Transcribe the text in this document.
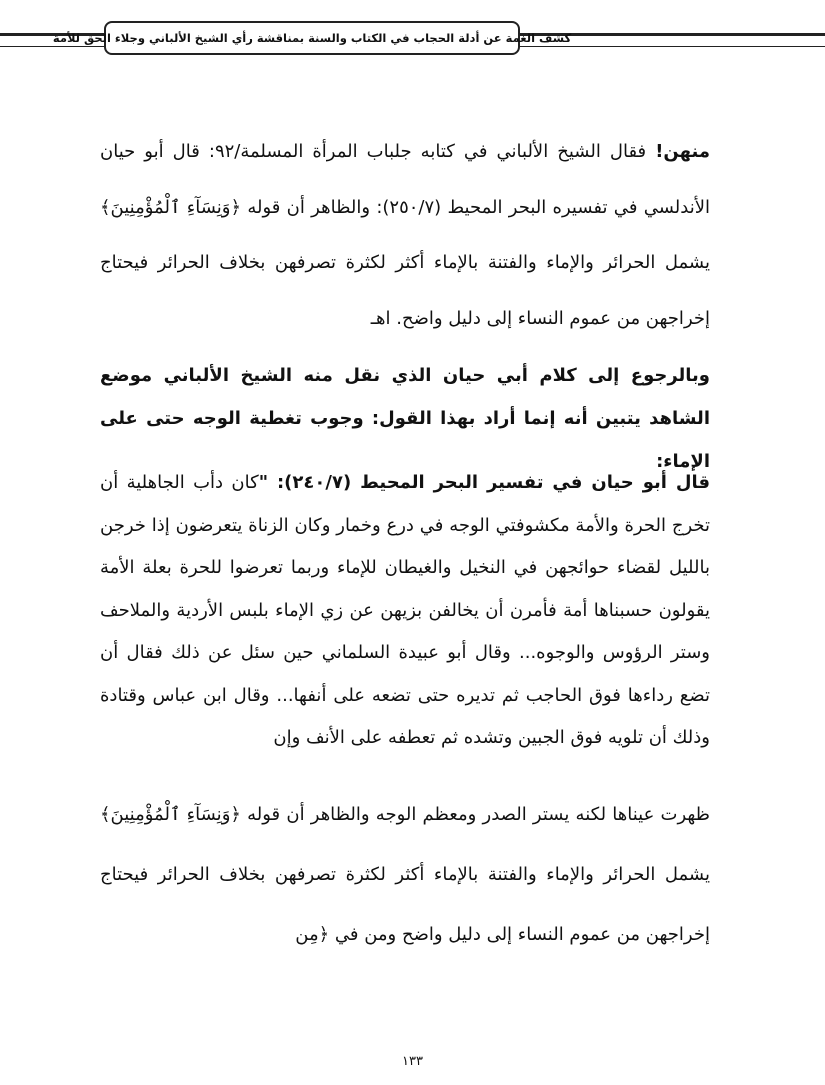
كشف الغمة عن أدلة الحجاب في الكتاب والسنة بمناقشة رأي الشيخ الألباني وجلاء الحق للأمة
منهن! فقال الشيخ الألباني في كتابه جلباب المرأة المسلمة/٩٢: قال أبو حيان الأندلسي في تفسيره البحر المحيط (٢٥٠/٧): والظاهر أن قوله ﴿وَنِسَآءِ ٱلْمُؤْمِنِينَ﴾ يشمل الحرائر والإماء والفتنة بالإماء أكثر لكثرة تصرفهن بخلاف الحرائر فيحتاج إخراجهن من عموم النساء إلى دليل واضح. اهـ
وبالرجوع إلى كلام أبي حيان الذي نقل منه الشيخ الألباني موضع الشاهد يتبين أنه إنما أراد بهذا القول: وجوب تغطية الوجه حتى على الإماء:
قال أبو حيان في تفسير البحر المحيط (٢٤٠/٧): "كان دأب الجاهلية أن تخرج الحرة والأمة مكشوفتي الوجه في درع وخمار وكان الزناة يتعرضون إذا خرجن بالليل لقضاء حوائجهن في النخيل والغيطان للإماء وربما تعرضوا للحرة بعلة الأمة يقولون حسبناها أمة فأمرن أن يخالفن بزيهن عن زي الإماء بلبس الأردية والملاحف وستر الرؤوس والوجوه... وقال أبو عبيدة السلماني حين سئل عن ذلك فقال أن تضع رداءها فوق الحاجب ثم تديره حتى تضعه على أنفها... وقال ابن عباس وقتادة وذلك أن تلويه فوق الجبين وتشده ثم تعطفه على الأنف وإن
ظهرت عيناها لكنه يستر الصدر ومعظم الوجه والظاهر أن قوله ﴿وَنِسَآءِ ٱلْمُؤْمِنِينَ﴾ يشمل الحرائر والإماء والفتنة بالإماء أكثر لكثرة تصرفهن بخلاف الحرائر فيحتاج إخراجهن من عموم النساء إلى دليل واضح ومن في ﴿مِن
١٣٣
